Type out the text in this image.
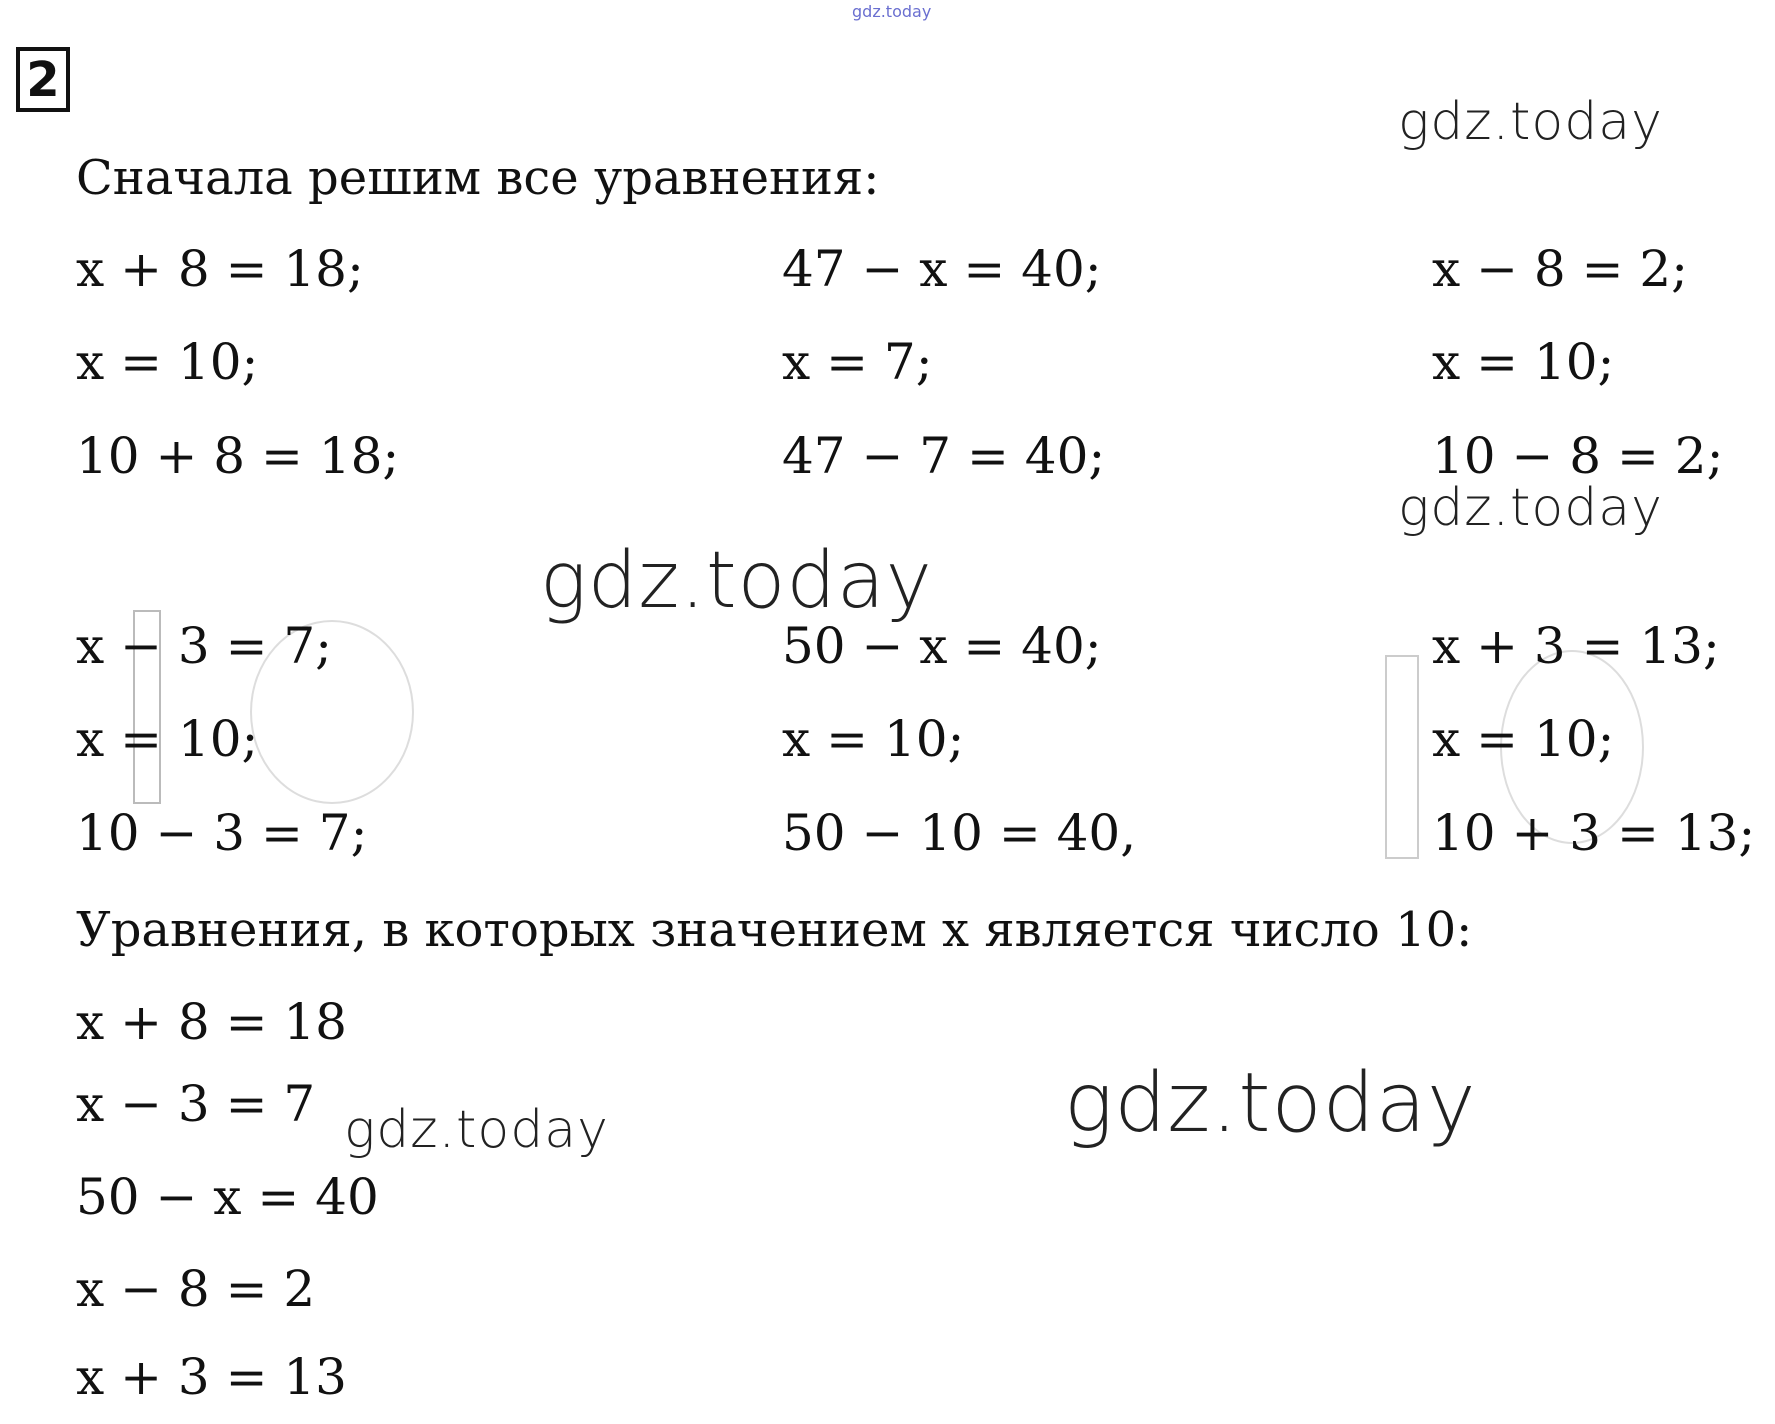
gdz.today
2
gdz.today
Сначала решим все уравнения:
x + 8 = 18;	47 − x = 40;	x − 8 = 2;
x = 10;	x = 7;	x = 10;
10 + 8 = 18;	47 − 7 = 40;	10 − 8 = 2;
gdz.today
gdz.today
x − 3 = 7;	50 − x = 40;	x + 3 = 13;
x = 10;	x = 10;	x = 10;
10 − 3 = 7;	50 − 10 = 40,	10 + 3 = 13;
Уравнения, в которых значением x является число 10:
x + 8 = 18
x − 3 = 7 gdz.today	gdz.today
50 − x = 40
x − 8 = 2
x + 3 = 13
